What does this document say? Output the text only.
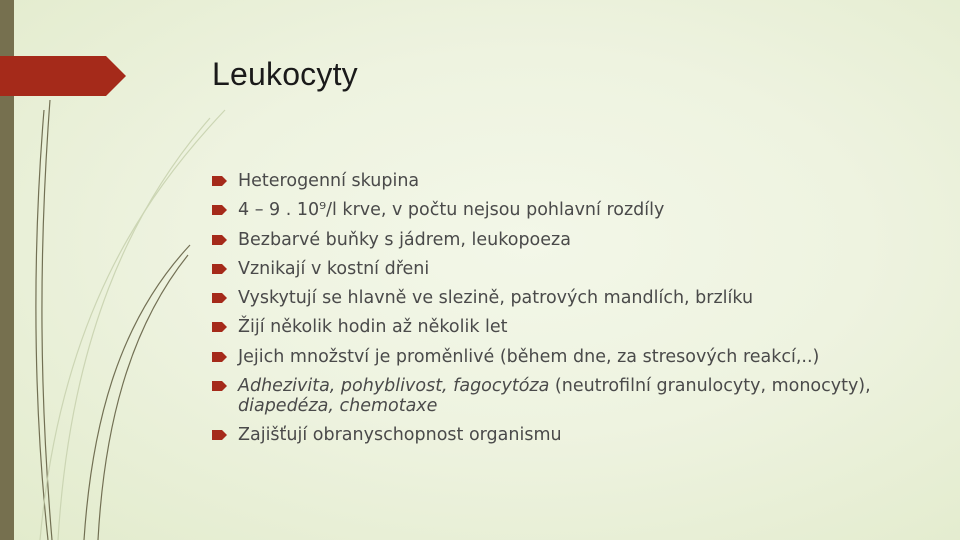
Leukocyty
Heterogenní skupina
4 – 9 . 10⁹/l krve, v počtu nejsou pohlavní rozdíly
Bezbarvé buňky s jádrem, leukopoeza
Vznikají v kostní dřeni
Vyskytují se hlavně ve slezině, patrových mandlích, brzlíku
Žijí několik hodin až několik let
Jejich množství je proměnlivé (během dne, za stresových reakcí,..)
Adhezivita, pohyblivost, fagocytóza (neutrofilní granulocyty, monocyty), diapedéza, chemotaxe
Zajišťují obranyschopnost organismu
